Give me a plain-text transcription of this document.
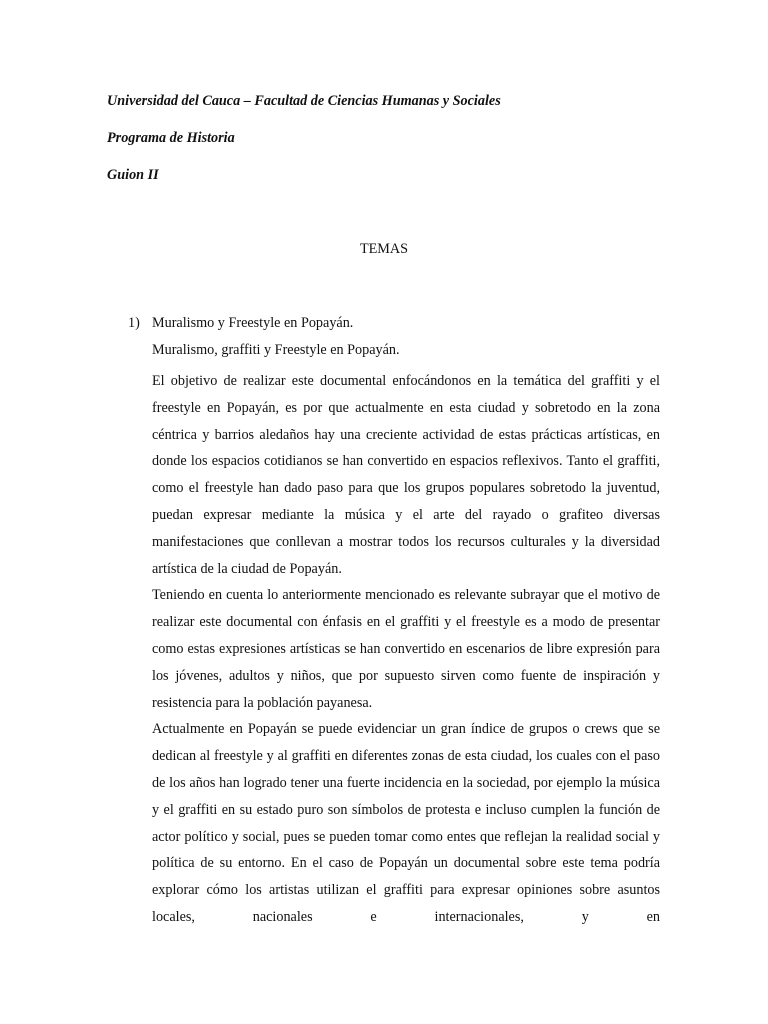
Universidad del Cauca – Facultad de Ciencias Humanas y Sociales
Programa de Historia
Guion II
TEMAS
1) Muralismo y Freestyle en Popayán.

Muralismo, graffiti y Freestyle en Popayán.

El objetivo de realizar este documental enfocándonos en la temática del graffiti y el freestyle en Popayán, es por que actualmente en esta ciudad y sobretodo en la zona céntrica y barrios aledaños hay una creciente actividad de estas prácticas artísticas, en donde los espacios cotidianos se han convertido en espacios reflexivos. Tanto el graffiti, como el freestyle han dado paso para que los grupos populares sobretodo la juventud, puedan expresar mediante la música y el arte del rayado o grafiteo diversas manifestaciones que conllevan a mostrar todos los recursos culturales y la diversidad artística de la ciudad de Popayán.

Teniendo en cuenta lo anteriormente mencionado es relevante subrayar que el motivo de realizar este documental con énfasis en el graffiti y el freestyle es a modo de presentar como estas expresiones artísticas se han convertido en escenarios de libre expresión para los jóvenes, adultos y niños, que por supuesto sirven como fuente de inspiración y resistencia para la población payanesa.

Actualmente en Popayán se puede evidenciar un gran índice de grupos o crews que se dedican al freestyle y al graffiti en diferentes zonas de esta ciudad, los cuales con el paso de los años han logrado tener una fuerte incidencia en la sociedad, por ejemplo la música y el graffiti en su estado puro son símbolos de protesta e incluso cumplen la función de actor político y social, pues se pueden tomar como entes que reflejan la realidad social y política de su entorno. En el caso de Popayán un documental sobre este tema podría explorar cómo los artistas utilizan el graffiti para expresar opiniones sobre asuntos locales, nacionales e internacionales, y en
